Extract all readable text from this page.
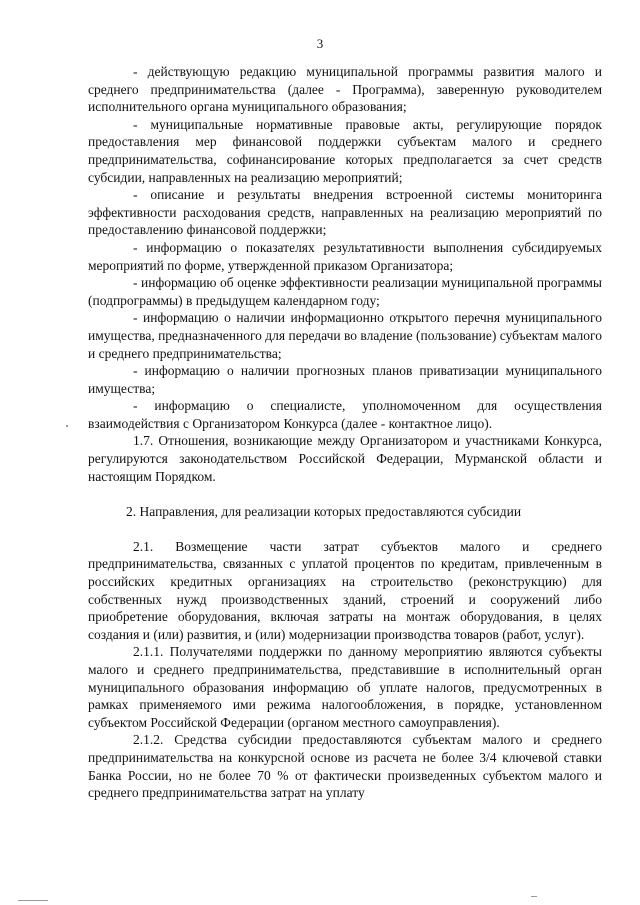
3

- действующую редакцию муниципальной программы развития малого и среднего предпринимательства (далее - Программа), заверенную руководителем исполнительного органа муниципального образования;

- муниципальные нормативные правовые акты, регулирующие порядок предоставления мер финансовой поддержки субъектам малого и среднего предпринимательства, софинансирование которых предполагается за счет средств субсидии, направленных на реализацию мероприятий;

- описание и результаты внедрения встроенной системы мониторинга эффективности расходования средств, направленных на реализацию мероприятий по предоставлению финансовой поддержки;

- информацию о показателях результативности выполнения субсидируемых мероприятий по форме, утвержденной приказом Организатора;

- информацию об оценке эффективности реализации муниципальной программы (подпрограммы) в предыдущем календарном году;

- информацию о наличии информационно открытого перечня муниципального имущества, предназначенного для передачи во владение (пользование) субъектам малого и среднего предпринимательства;

- информацию о наличии прогнозных планов приватизации муниципального имущества;

- информацию о специалисте, уполномоченном для осуществления взаимодействия с Организатором Конкурса (далее - контактное лицо).

1.7. Отношения, возникающие между Организатором и участниками Конкурса, регулируются законодательством Российской Федерации, Мурманской области и настоящим Порядком.

2. Направления, для реализации которых предоставляются субсидии

2.1. Возмещение части затрат субъектов малого и среднего предпринимательства, связанных с уплатой процентов по кредитам, привлеченным в российских кредитных организациях на строительство (реконструкцию) для собственных нужд производственных зданий, строений и сооружений либо приобретение оборудования, включая затраты на монтаж оборудования, в целях создания и (или) развития, и (или) модернизации производства товаров (работ, услуг).

2.1.1. Получателями поддержки по данному мероприятию являются субъекты малого и среднего предпринимательства, представившие в исполнительный орган муниципального образования информацию об уплате налогов, предусмотренных в рамках применяемого ими режима налогообложения, в порядке, установленном субъектом Российской Федерации (органом местного самоуправления).

2.1.2. Средства субсидии предоставляются субъектам малого и среднего предпринимательства на конкурсной основе из расчета не более 3/4 ключевой ставки Банка России, но не более 70 % от фактически произведенных субъектом малого и среднего предпринимательства затрат на уплату
